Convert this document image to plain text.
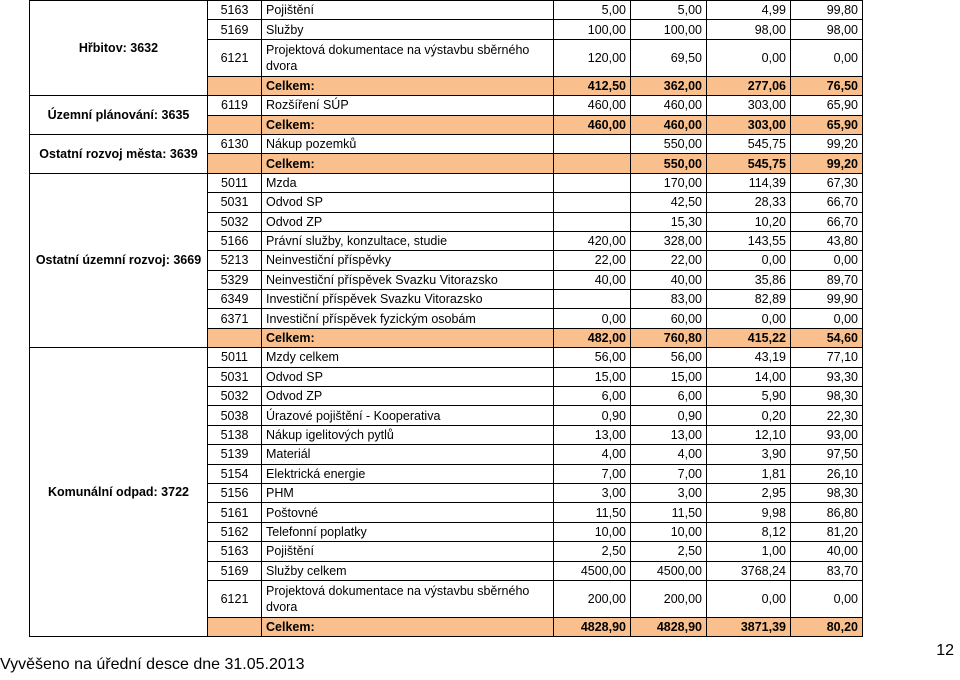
Hřbitov: 3632	5163	Pojištění	5,00	5,00	4,99	99,80
	5169	Služby	100,00	100,00	98,00	98,00
	6121	Projektová dokumentace na výstavbu sběrného dvora	120,00	69,50	0,00	0,00
		Celkem:	412,50	362,00	277,06	76,50
Územní plánování: 3635	6119	Rozšíření SÚP	460,00	460,00	303,00	65,90
		Celkem:	460,00	460,00	303,00	65,90
Ostatní rozvoj města: 3639	6130	Nákup pozemků		550,00	545,75	99,20
		Celkem:		550,00	545,75	99,20
Ostatní územní rozvoj: 3669	5011	Mzda		170,00	114,39	67,30
	5031	Odvod SP		42,50	28,33	66,70
	5032	Odvod ZP		15,30	10,20	66,70
	5166	Právní služby, konzultace, studie	420,00	328,00	143,55	43,80
	5213	Neinvestiční příspěvky	22,00	22,00	0,00	0,00
	5329	Neinvestiční příspěvek Svazku Vitorazsko	40,00	40,00	35,86	89,70
	6349	Investiční příspěvek Svazku Vitorazsko		83,00	82,89	99,90
	6371	Investiční příspěvek fyzickým osobám	0,00	60,00	0,00	0,00
		Celkem:	482,00	760,80	415,22	54,60
Komunální odpad: 3722	5011	Mzdy celkem	56,00	56,00	43,19	77,10
	5031	Odvod SP	15,00	15,00	14,00	93,30
	5032	Odvod ZP	6,00	6,00	5,90	98,30
	5038	Úrazové pojištění - Kooperativa	0,90	0,90	0,20	22,30
	5138	Nákup igelitových pytlů	13,00	13,00	12,10	93,00
	5139	Materiál	4,00	4,00	3,90	97,50
	5154	Elektrická energie	7,00	7,00	1,81	26,10
	5156	PHM	3,00	3,00	2,95	98,30
	5161	Poštovné	11,50	11,50	9,98	86,80
	5162	Telefonní poplatky	10,00	10,00	8,12	81,20
	5163	Pojištění	2,50	2,50	1,00	40,00
	5169	Služby celkem	4500,00	4500,00	3768,24	83,70
	6121	Projektová dokumentace na výstavbu sběrného dvora	200,00	200,00	0,00	0,00
		Celkem:	4828,90	4828,90	3871,39	80,20
Vyvěšeno na úřední desce dne 31.05.2013
12
